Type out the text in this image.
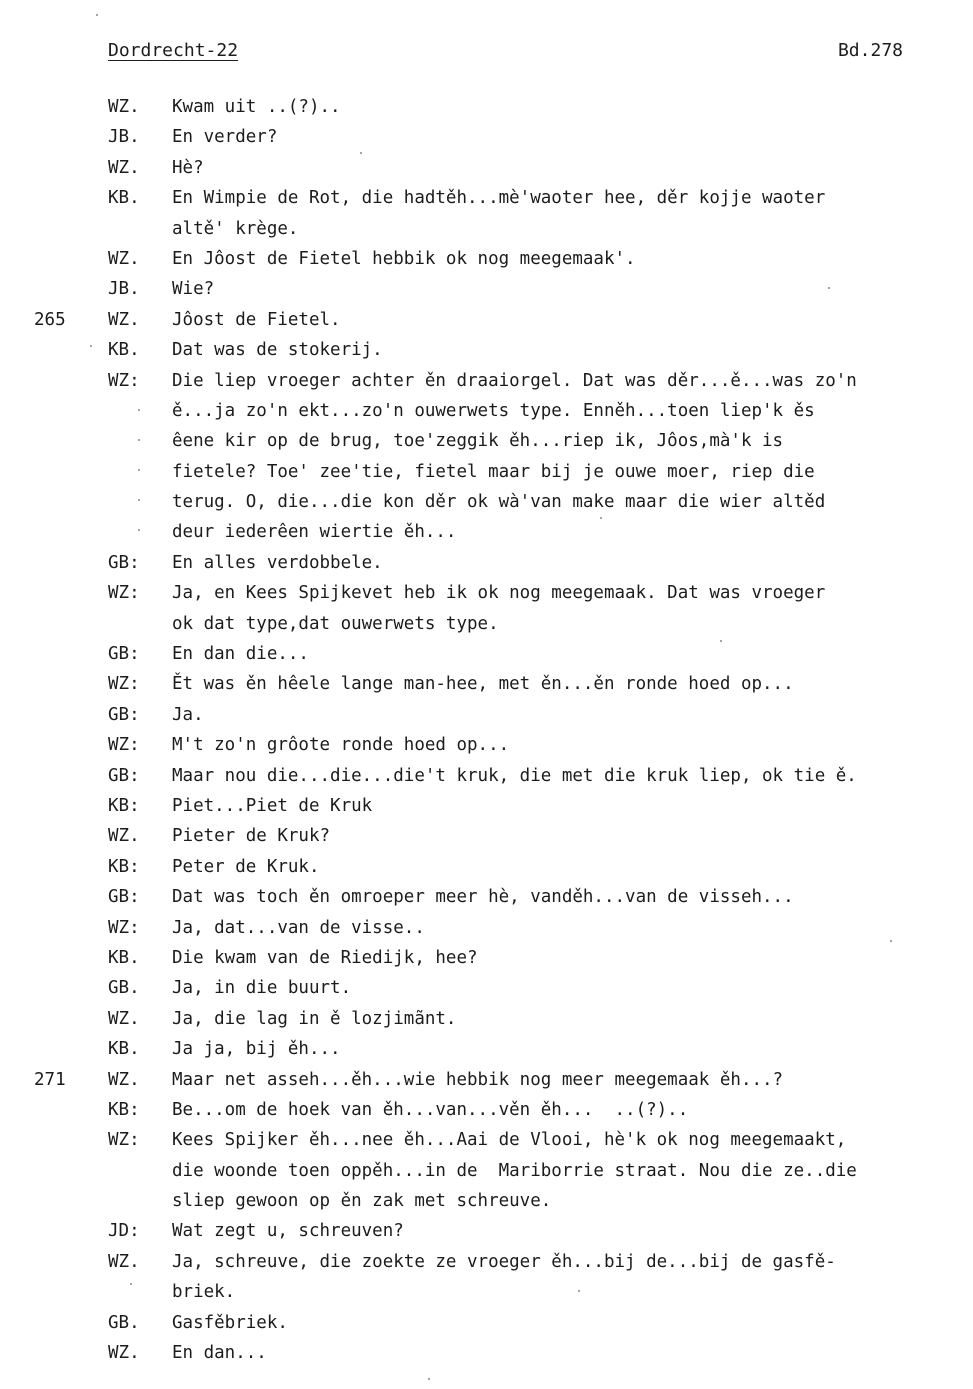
Dordrecht-22	Bd.278
WZ. Kwam uit ..(?)..
JB. En verder?
WZ. Hè?
KB. En Wimpie de Rot, die hadtěh...mè'waoter hee, děr kojje waoter
altě' krège.
WZ. En Jôost de Fietel hebbik ok nog meegemaak'.
JB. Wie?
265 WZ. Jôost de Fietel.
KB. Dat was de stokerij.
WZ: Die liep vroeger achter ěn draaiorgel. Dat was děr...ě...was zo'n
ě...ja zo'n ekt...zo'n ouwerwets type. Enněh...toen liep'k ěs
êene kir op de brug, toe'zeggik ěh...riep ik, Jôos,mà'k is
fietele? Toe' zee'tie, fietel maar bij je ouwe moer, riep die
terug. O, die...die kon děr ok wà'van make maar die wier altěd
deur iederêen wiertie ěh...
GB: En alles verdobbele.
WZ: Ja, en Kees Spijkevet heb ik ok nog meegemaak. Dat was vroeger
ok dat type,dat ouwerwets type.
GB: En dan die...
WZ: Ět was ěn hêele lange man-hee, met ěn...ěn ronde hoed op...
GB: Ja.
WZ: M't zo'n grôote ronde hoed op...
GB: Maar nou die...die...die't kruk, die met die kruk liep, ok tie ě.
KB: Piet...Piet de Kruk
WZ. Pieter de Kruk?
KB: Peter de Kruk.
GB: Dat was toch ěn omroeper meer hè, vanděh...van de visseh...
WZ: Ja, dat...van de visse..
KB. Die kwam van de Riedijk, hee?
GB. Ja, in die buurt.
WZ. Ja, die lag in ě lozjimãnt.
KB. Ja ja, bij ěh...
271 WZ. Maar net asseh...ěh...wie hebbik nog meer meegemaak ěh...?
KB: Be...om de hoek van ěh...van...věn ěh...  ..(?)..
WZ: Kees Spijker ěh...nee ěh...Aai de Vlooi, hè'k ok nog meegemaakt,
die woonde toen oppěh...in de  Mariborrie straat. Nou die ze..die
sliep gewoon op ěn zak met schreuve.
JD: Wat zegt u, schreuven?
WZ. Ja, schreuve, die zoekte ze vroeger ěh...bij de...bij de gasfě-
briek.
GB. Gasfěbriek.
WZ. En dan...
